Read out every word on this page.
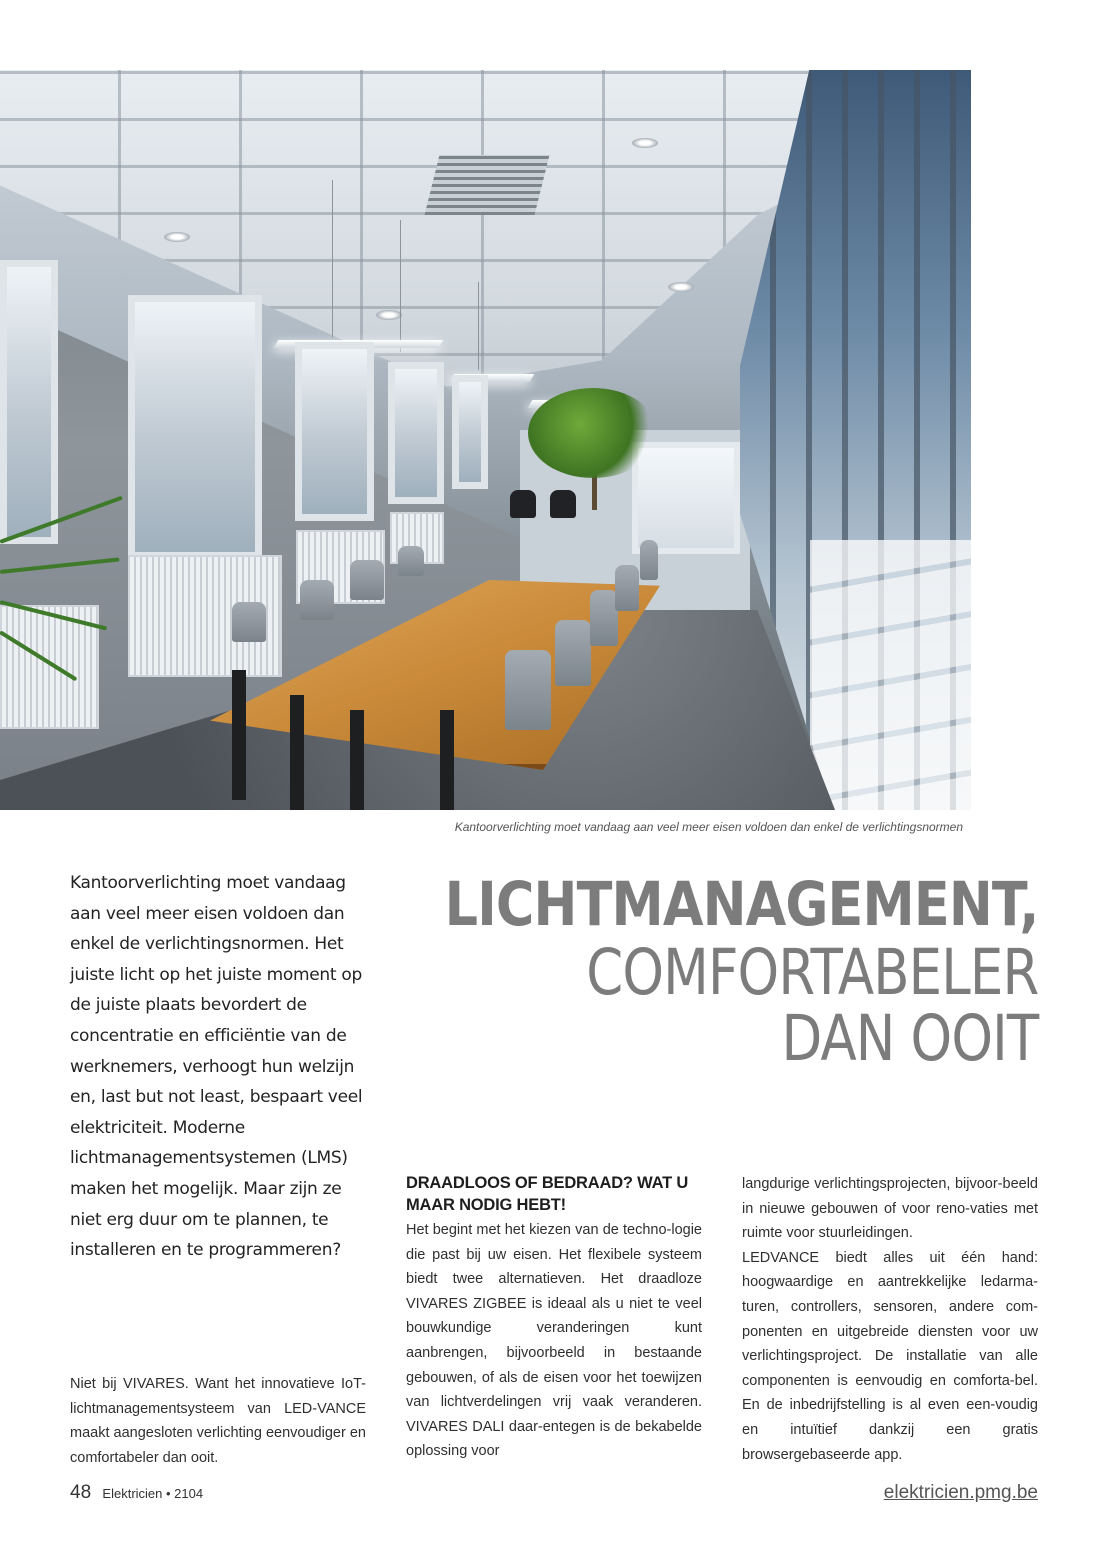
Kantoorverlichting moet vandaag aan veel meer eisen voldoen dan enkel de verlichtingsnormen
Kantoorverlichting moet vandaag aan veel meer eisen voldoen dan enkel de verlichtingsnormen. Het juiste licht op het juiste moment op de juiste plaats bevordert de concentratie en efficiëntie van de werknemers, verhoogt hun welzijn en, last but not least, bespaart veel elektriciteit. Moderne lichtmanagementsystemen (LMS) maken het mogelijk. Maar zijn ze niet erg duur om te plannen, te installeren en te programmeren?
LICHTMANAGEMENT,
COMFORTABELER
DAN OOIT

Niet bij VIVARES. Want het innovatieve IoT-lichtmanagementsysteem van LED-VANCE maakt aangesloten verlichting eenvoudiger en comfortabeler dan ooit.

DRAADLOOS OF BEDRAAD? WAT U MAAR NODIG HEBT!

Het begint met het kiezen van de techno-logie die past bij uw eisen. Het flexibele systeem biedt twee alternatieven. Het draadloze VIVARES ZIGBEE is ideaal als u niet te veel bouwkundige veranderingen kunt aanbrengen, bijvoorbeeld in bestaande gebouwen, of als de eisen voor het toewijzen van lichtverdelingen vrij vaak veranderen. VIVARES DALI daar-entegen is de bekabelde oplossing voor

langdurige verlichtingsprojecten, bijvoor-beeld in nieuwe gebouwen of voor reno-vaties met ruimte voor stuurleidingen.

LEDVANCE biedt alles uit één hand: hoogwaardige en aantrekkelijke ledarma-turen, controllers, sensoren, andere com-ponenten en uitgebreide diensten voor uw verlichtingsproject. De installatie van alle componenten is eenvoudig en comforta-bel. En de inbedrijfstelling is al even een-voudig en intuïtief dankzij een gratis browsergebaseerde app.

48 Elektricien • 2104	elektricien.pmg.be
